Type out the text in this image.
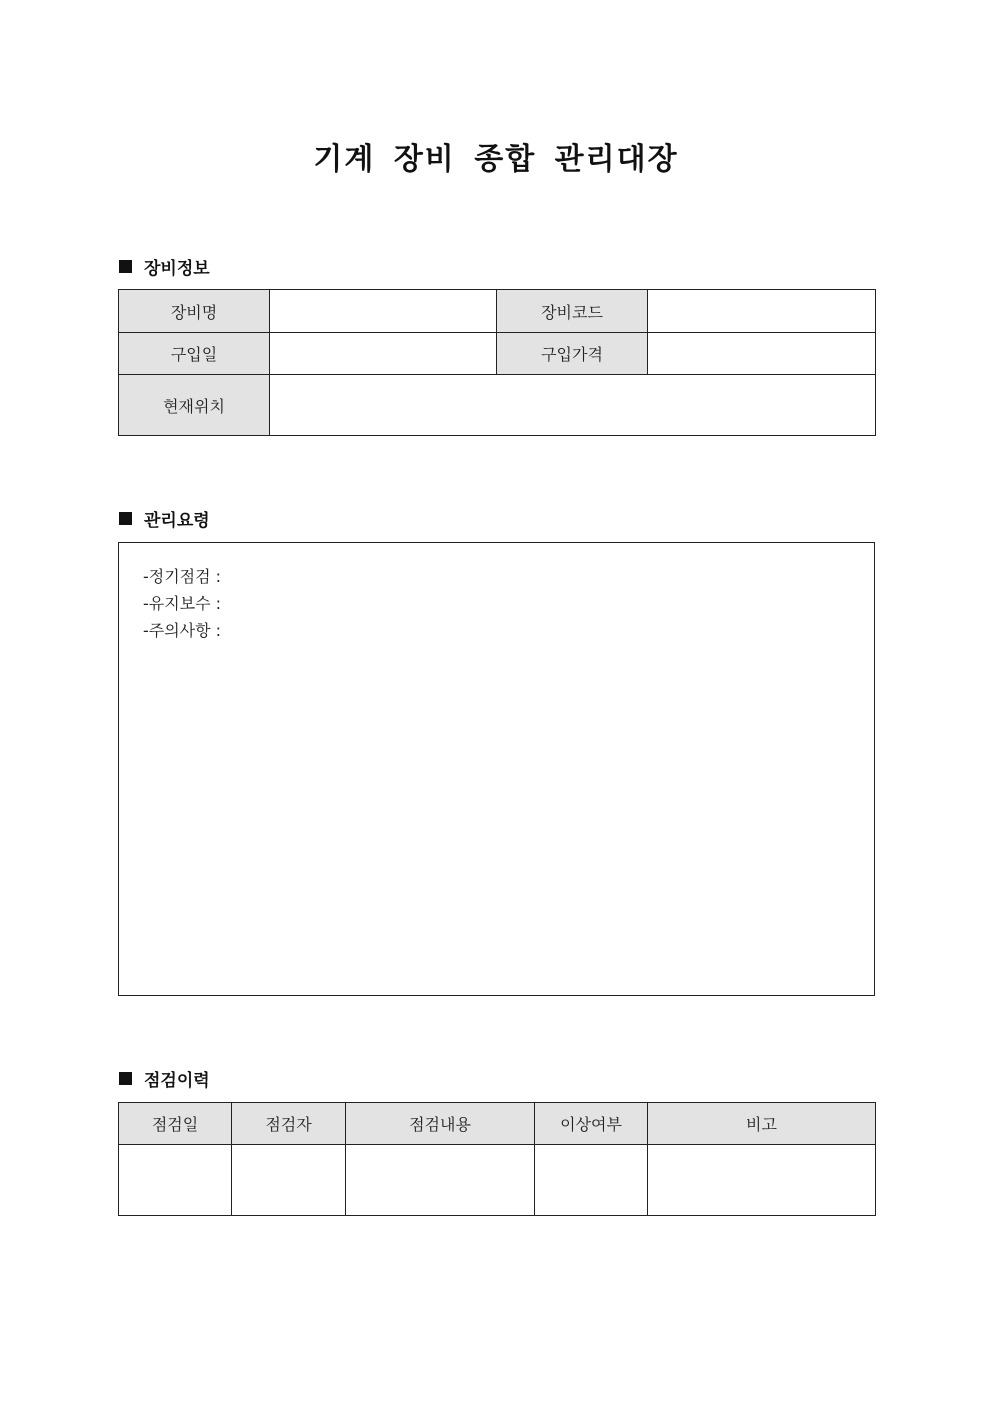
기계 장비 종합 관리대장
장비정보
장비명		장비코드	
구입일		구입가격	
현재위치			
관리요령
-정기점검 :
-유지보수 :
-주의사항 :
점검이력
점검일	점검자	점검내용	이상여부	비고
